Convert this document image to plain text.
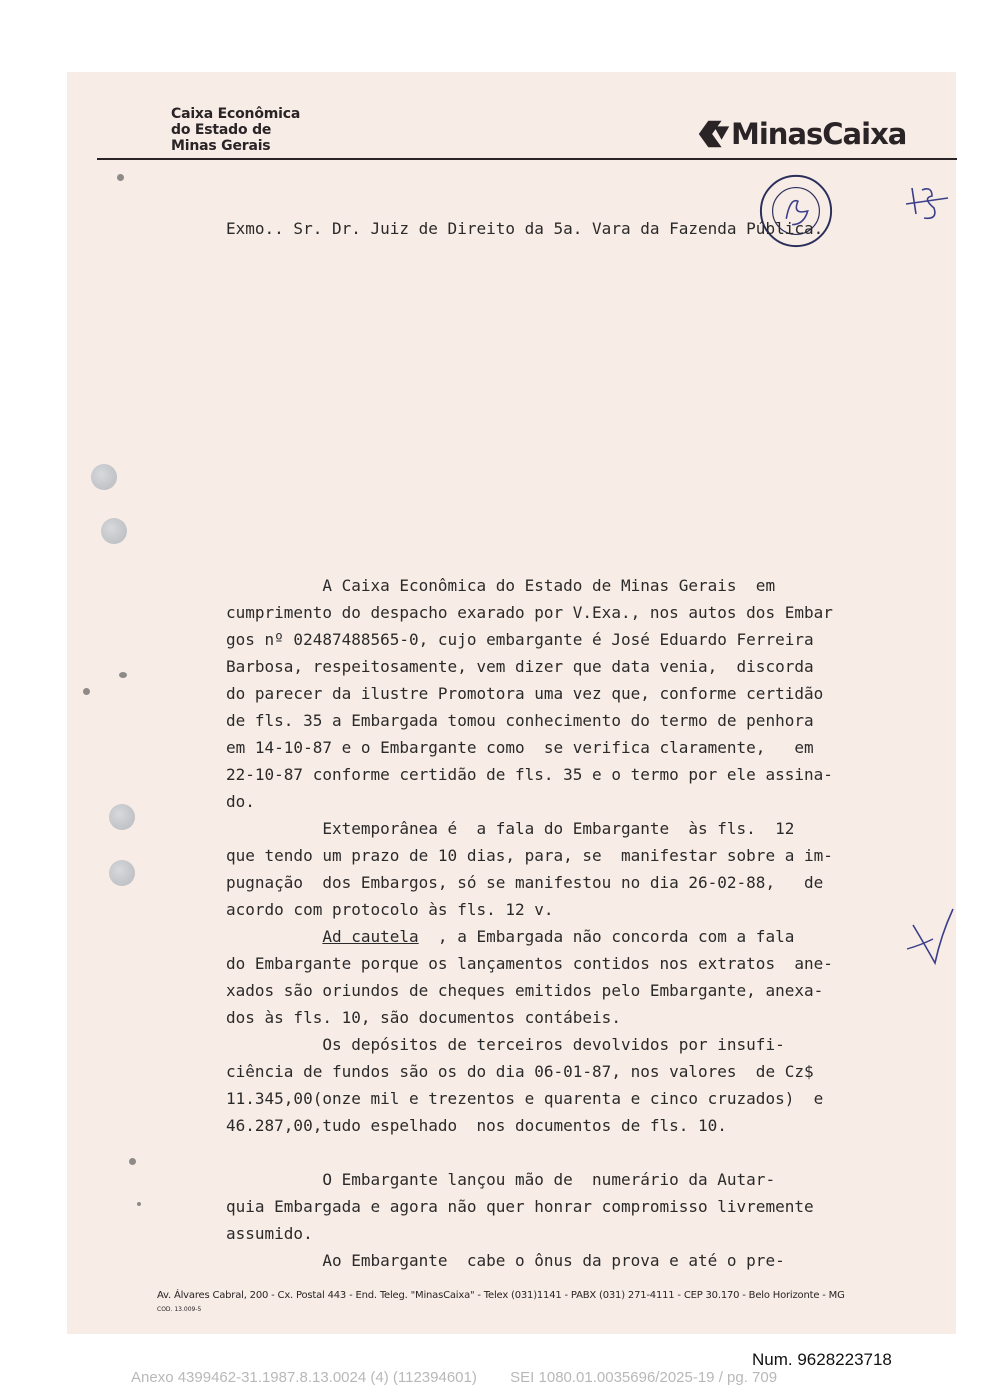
Caixa Econômica
do Estado de
Minas Gerais	MinasCaixa
Exmo.. Sr. Dr. Juiz de Direito da 5a. Vara da Fazenda Pública.
A Caixa Econômica do Estado de Minas Gerais  em
cumprimento do despacho exarado por V.Exa., nos autos dos Embar
gos nº 02487488565-0, cujo embargante é José Eduardo Ferreira
Barbosa, respeitosamente, vem dizer que data venia,  discorda
do parecer da ilustre Promotora uma vez que, conforme certidão
de fls. 35 a Embargada tomou conhecimento do termo de penhora
em 14-10-87 e o Embargante como  se verifica claramente,   em
22-10-87 conforme certidão de fls. 35 e o termo por ele assina-
do.
Extemporânea é  a fala do Embargante  às fls.  12
que tendo um prazo de 10 dias, para, se  manifestar sobre a im-
pugnação  dos Embargos, só se manifestou no dia 26-02-88,   de
acordo com protocolo às fls. 12 v.
Ad cautela  , a Embargada não concorda com a fala
do Embargante porque os lançamentos contidos nos extratos  ane-
xados são oriundos de cheques emitidos pelo Embargante, anexa-
dos às fls. 10, são documentos contábeis.
Os depósitos de terceiros devolvidos por insufi-
ciência de fundos são os do dia 06-01-87, nos valores  de Cz$
11.345,00(onze mil e trezentos e quarenta e cinco cruzados)  e
46.287,00,tudo espelhado  nos documentos de fls. 10.
O Embargante lançou mão de  numerário da Autar-
quia Embargada e agora não quer honrar compromisso livremente
assumido.
Ao Embargante  cabe o ônus da prova e até o pre-
Av. Álvares Cabral, 200 - Cx. Postal 443 - End. Teleg. "MinasCaixa" - Telex (031)1141 - PABX (031) 271-4111 - CEP 30.170 - Belo Horizonte - MG
COD. 13.009-5
Num. 9628223718
Anexo 4399462-31.1987.8.13.0024 (4) (112394601)        SEI 1080.01.0035696/2025-19 / pg. 709
